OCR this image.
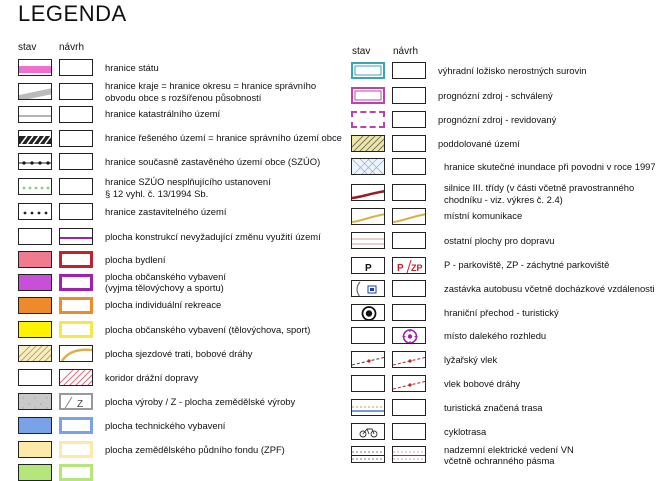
LEGENDA
stav návrh	stav návrh
hranice státu
hranice kraje = hranice okresu = hranice správního
obvodu obce s rozšířenou působností
hranice katastrálního území
hranice řešeného území = hranice správního území obce
hranice současně zastavěného území obce (SZÚO)
hranice SZÚO nesplňujícího ustanovení
§ 12 vyhl. č. 13/1994 Sb.
hranice zastavitelného území
plocha konstrukcí nevyžadující změnu využití území
plocha bydlení
plocha občanského vybavení
(vyjma tělovýchovy a sportu)
plocha individuální rekreace
plocha občanského vybavení (tělovýchova, sport)
plocha sjezdové trati, bobové dráhy
koridor drážní dopravy
Z plocha výroby / Z - plocha zemědělské výroby
plocha technického vybavení
plocha zemědělského půdního fondu (ZPF)
výhradní ložisko nerostných surovin
prognózní zdroj - schválený
prognózní zdroj - revidovaný
poddolované území
hranice skutečné inundace při povodni v roce 1997
silnice III. třídy (v části včetně pravostranného
chodníku - viz. výkres č. 2.4)
místní komunikace
ostatní plochy pro dopravu
P	P ZP P - parkoviště, ZP - záchytné parkoviště
zastávka autobusu včetně docházkové vzdálenosti
hraniční přechod - turistický
místo dalekého rozhledu
lyžařský vlek
vlek bobové dráhy
turistická značená trasa
cyklotrasa
nadzemní elektrické vedení VN
včetně ochranného pásma
